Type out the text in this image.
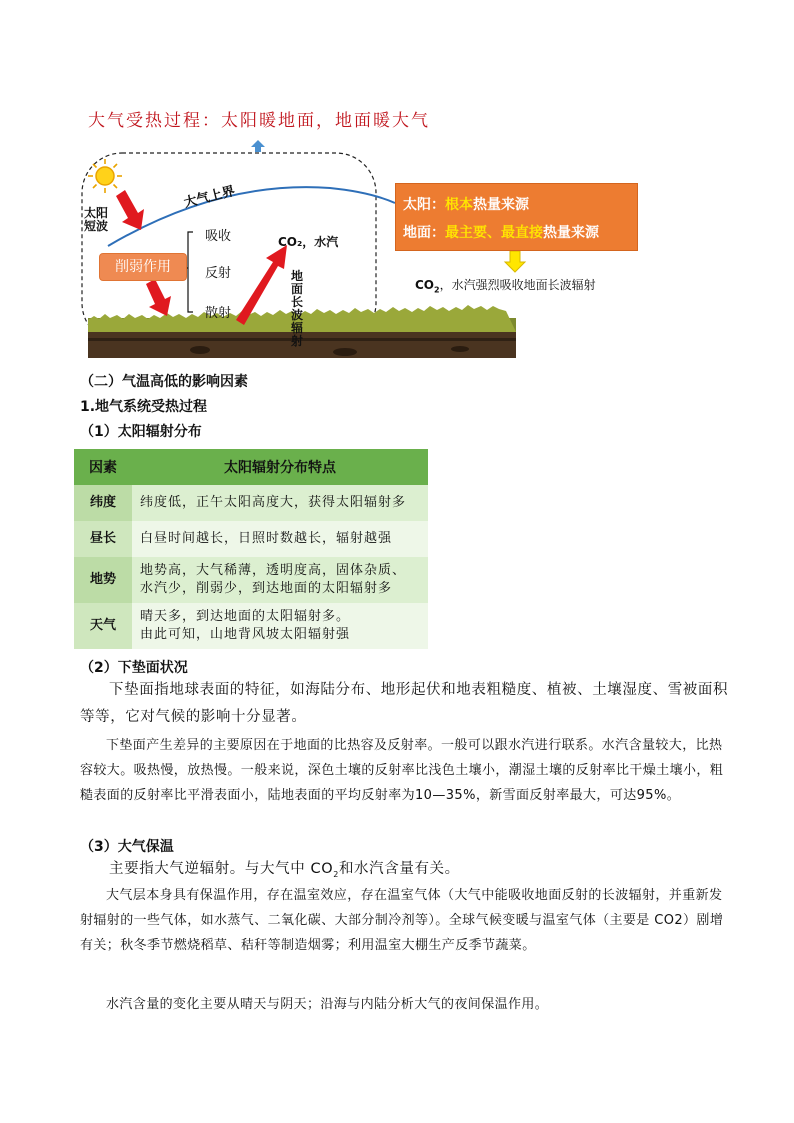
大气受热过程：太阳暖地面，地面暖大气
大气上界
太阳短波
削弱作用
吸收
反射
散射
CO₂，水汽
地面长波辐射
太阳：根本热量来源
地面：最主要、最直接热量来源
$CO_2$，水汽强烈吸收地面长波辐射
（二）气温高低的影响因素
1.地气系统受热过程
（1）太阳辐射分布
因素	太阳辐射分布特点
纬度	纬度低，正午太阳高度大，获得太阳辐射多

昼长	白昼时间越长，日照时数越长，辐射越强

地势	地势高，大气稀薄，透明度高，固体杂质、
水汽少，削弱少，到达地面的太阳辐射多

天气	晴天多，到达地面的太阳辐射多。
由此可知，山地背风坡太阳辐射强
（2）下垫面状况
下垫面指地球表面的特征，如海陆分布、地形起伏和地表粗糙度、植被、土壤湿度、雪被面积等等，它对气候的影响十分显著。
下垫面产生差异的主要原因在于地面的比热容及反射率。一般可以跟水汽进行联系。水汽含量较大，比热容较大。吸热慢，放热慢。一般来说，深色土壤的反射率比浅色土壤小，潮湿土壤的反射率比干燥土壤小，粗糙表面的反射率比平滑表面小，陆地表面的平均反射率为10—35%，新雪面反射率最大，可达95%。
（3）大气保温
主要指大气逆辐射。与大气中 $CO_2$和水汽含量有关。
大气层本身具有保温作用，存在温室效应，存在温室气体（大气中能吸收地面反射的长波辐射，并重新发射辐射的一些气体，如水蒸气、二氧化碳、大部分制冷剂等）。全球气候变暖与温室气体（主要是 CO2）剧增有关；秋冬季节燃烧稻草、秸秆等制造烟雾；利用温室大棚生产反季节蔬菜。
水汽含量的变化主要从晴天与阴天；沿海与内陆分析大气的夜间保温作用。
